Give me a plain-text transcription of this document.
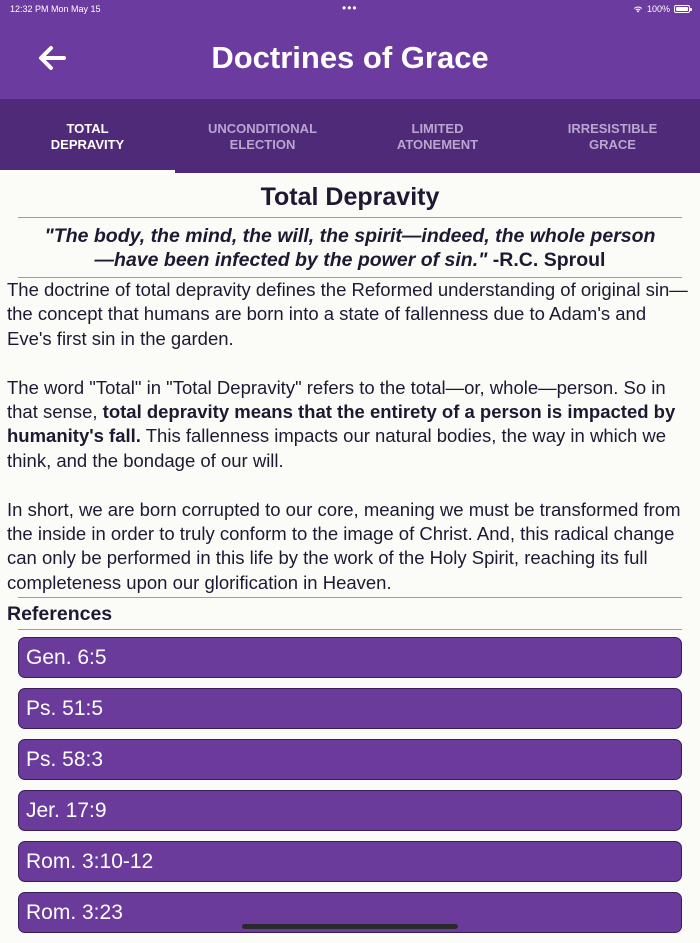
12:32 PM Mon May 15	•••	100%
Doctrines of Grace
TOTAL DEPRAVITY
UNCONDITIONAL ELECTION
LIMITED ATONEMENT
IRRESISTIBLE GRACE
Total Depravity
"The body, the mind, the will, the spirit—indeed, the whole person—have been infected by the power of sin." -R.C. Sproul

The doctrine of total depravity defines the Reformed understanding of original sin—the concept that humans are born into a state of fallenness due to Adam's and Eve's first sin in the garden.

The word "Total" in "Total Depravity" refers to the total—or, whole—person. So in that sense, total depravity means that the entirety of a person is impacted by humanity's fall. This fallenness impacts our natural bodies, the way in which we think, and the bondage of our will.

In short, we are born corrupted to our core, meaning we must be transformed from the inside in order to truly conform to the image of Christ. And, this radical change can only be performed in this life by the work of the Holy Spirit, reaching its full completeness upon our glorification in Heaven.

References
Gen. 6:5
Ps. 51:5
Ps. 58:3
Jer. 17:9
Rom. 3:10-12
Rom. 3:23
